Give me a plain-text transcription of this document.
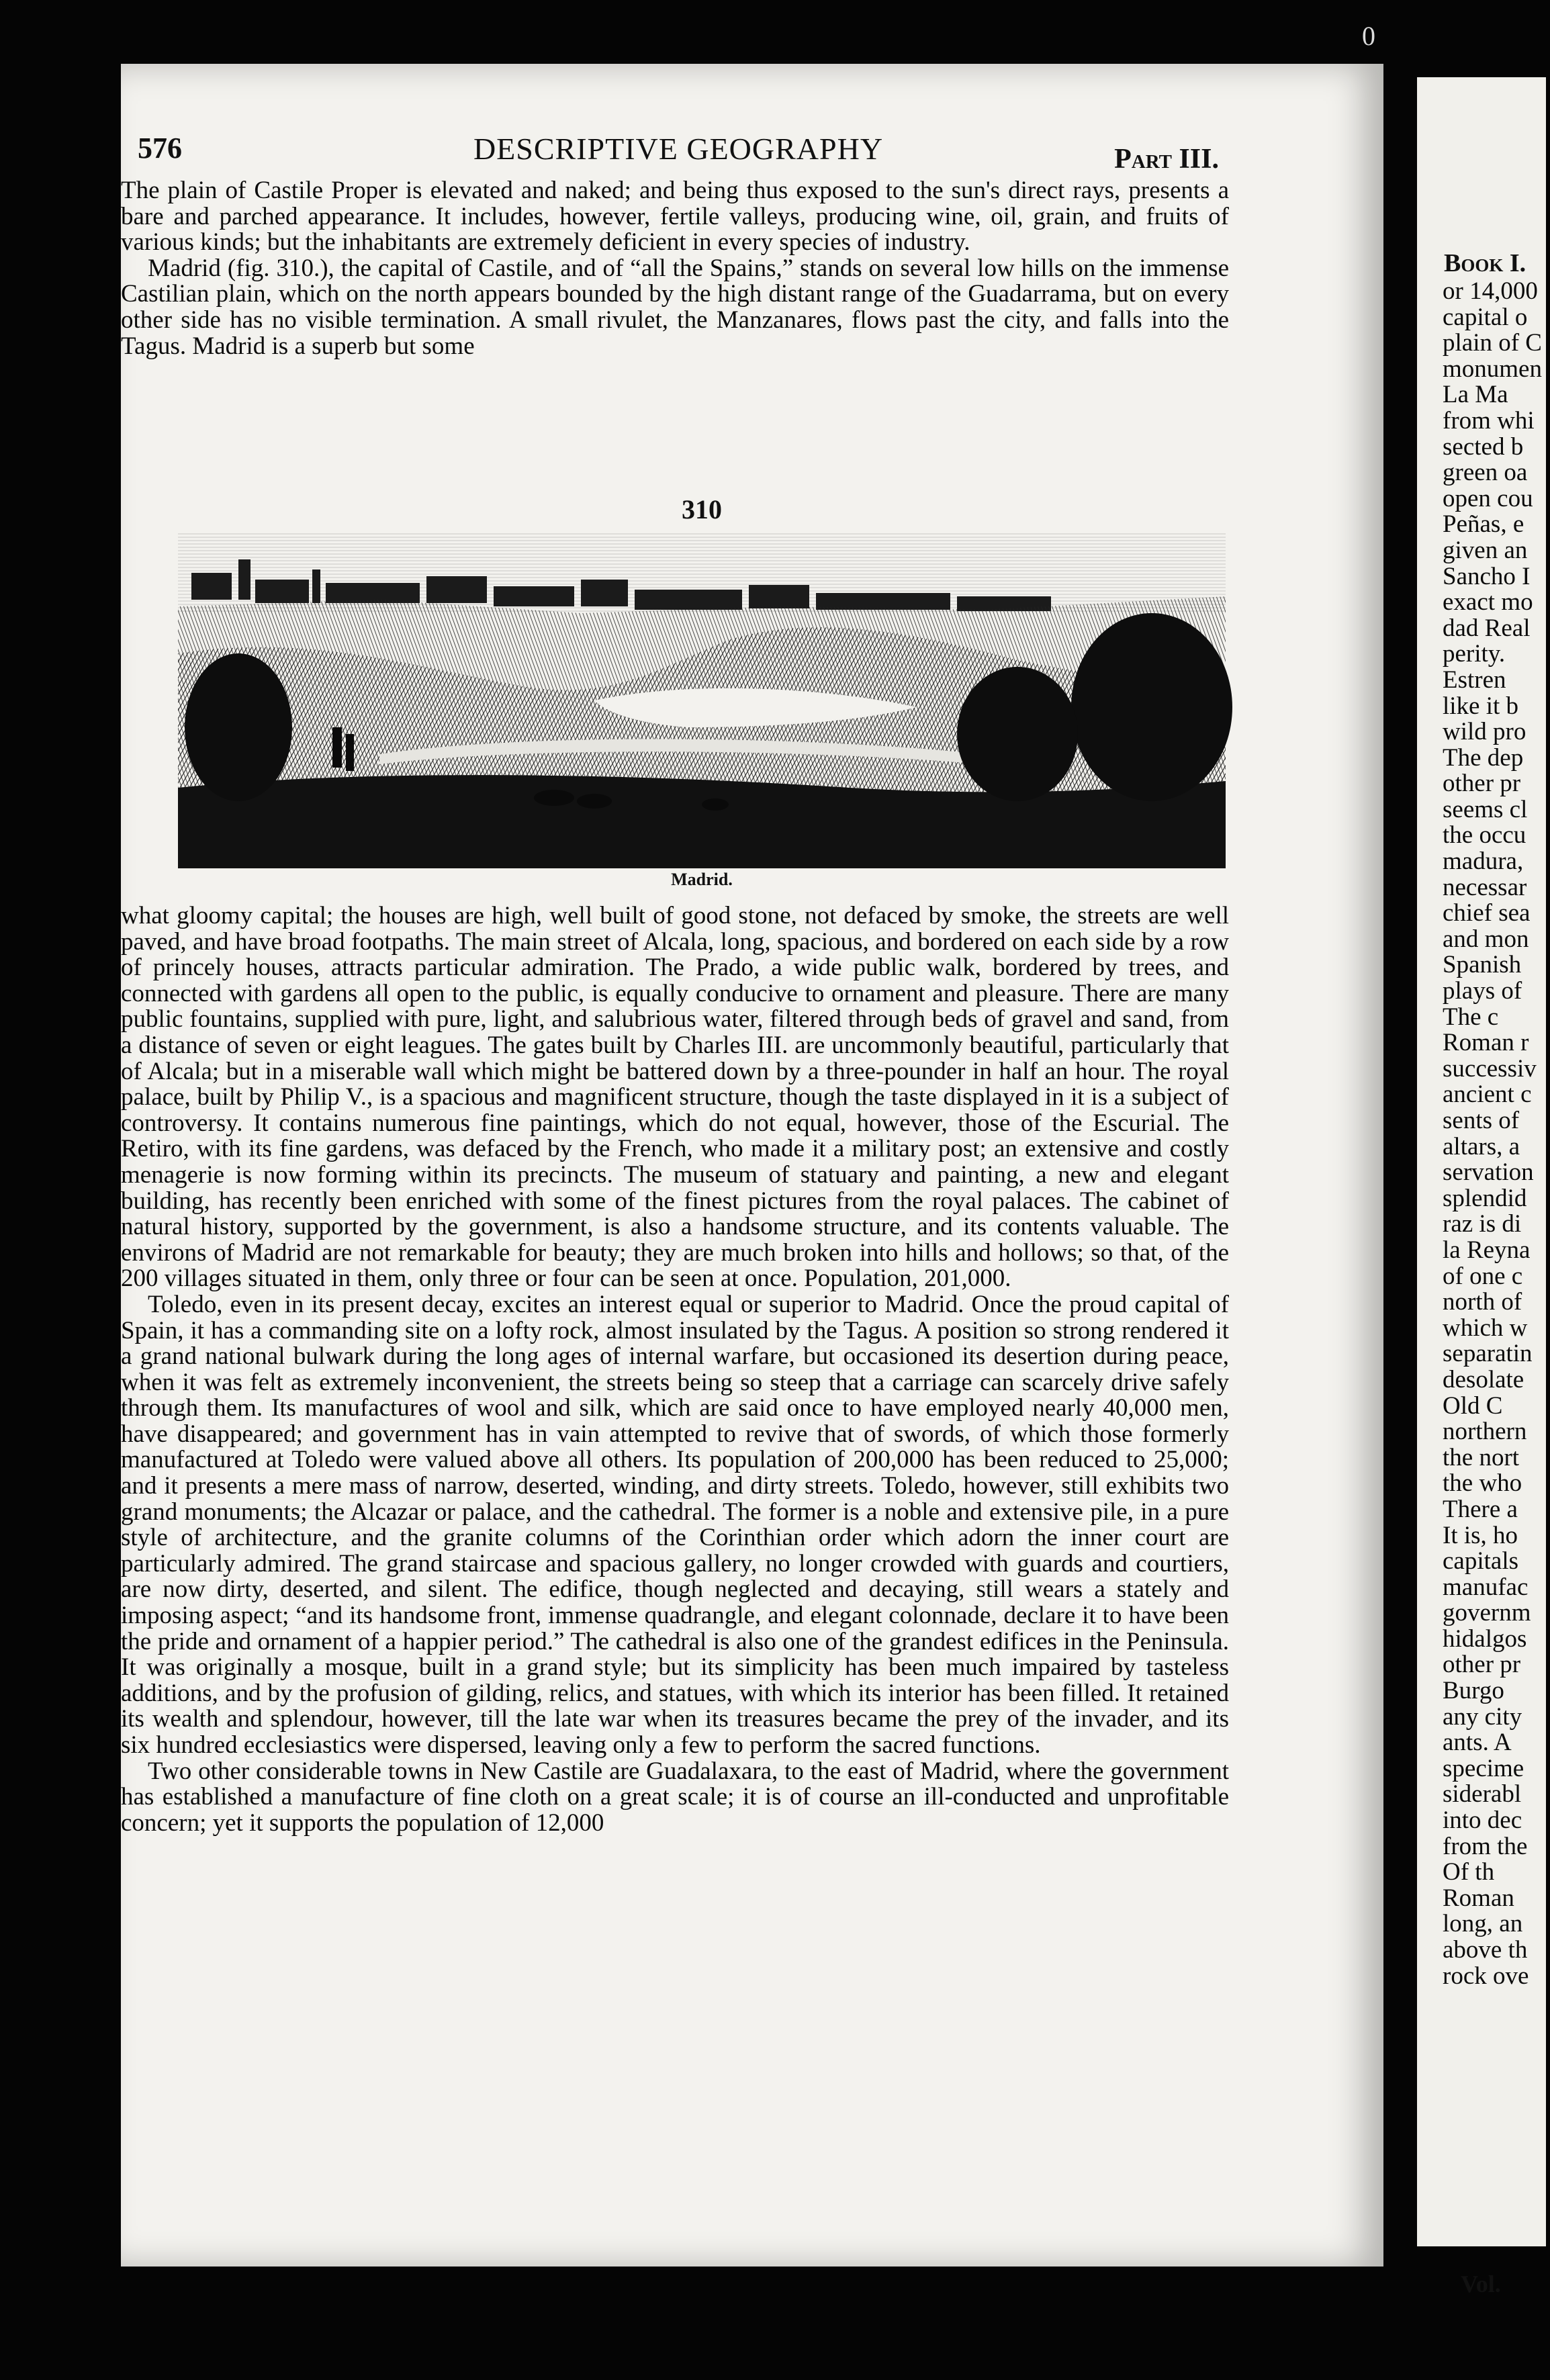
0
Book I.
or 14,000
capital o
plain of C
monumen
La Ma
from whi
sected b
green oa
open cou
Peñas, e
given an
Sancho I
exact mo
dad Real
perity.
Estren
like it b
wild pro
The dep
other pr
seems cl
the occu
madura,
necessar
chief sea
and mon
Spanish
plays of
The c
Roman r
successiv
ancient c
sents of
altars, a
servation
splendid
raz is di
la Reyna
of one c
north of
which w
separatin
desolate
Old C
northern
the nort
the who
There a
It is, ho
capitals
manufac
governm
hidalgos
other pr
Burgo
any city
ants. A
specime
siderabl
into dec
from the
Of th
Roman
long, an
above th
rock ove
Vol.
576	DESCRIPTIVE GEOGRAPHY	Part III.

The plain of Castile Proper is elevated and naked; and being thus exposed to the sun's direct rays, presents a bare and parched appearance. It includes, however, fertile valleys, producing wine, oil, grain, and fruits of various kinds; but the inhabitants are extremely deficient in every species of industry.

Madrid (fig. 310.), the capital of Castile, and of “all the Spains,” stands on several low hills on the immense Castilian plain, which on the north appears bounded by the high distant range of the Guadarrama, but on every other side has no visible termination. A small rivulet, the Manzanares, flows past the city, and falls into the Tagus. Madrid is a superb but some

310
Madrid.

what gloomy capital; the houses are high, well built of good stone, not defaced by smoke, the streets are well paved, and have broad footpaths. The main street of Alcala, long, spacious, and bordered on each side by a row of princely houses, attracts particular admiration. The Prado, a wide public walk, bordered by trees, and connected with gardens all open to the public, is equally conducive to ornament and pleasure. There are many public fountains, supplied with pure, light, and salubrious water, filtered through beds of gravel and sand, from a distance of seven or eight leagues. The gates built by Charles III. are uncommonly beautiful, particularly that of Alcala; but in a miserable wall which might be battered down by a three-pounder in half an hour. The royal palace, built by Philip V., is a spacious and magnificent structure, though the taste displayed in it is a subject of controversy. It contains numerous fine paintings, which do not equal, however, those of the Escurial. The Retiro, with its fine gardens, was defaced by the French, who made it a military post; an extensive and costly menagerie is now forming within its precincts. The museum of statuary and painting, a new and elegant building, has recently been enriched with some of the finest pictures from the royal palaces. The cabinet of natural history, supported by the government, is also a handsome structure, and its contents valuable. The environs of Madrid are not remarkable for beauty; they are much broken into hills and hollows; so that, of the 200 villages situated in them, only three or four can be seen at once. Population, 201,000.

Toledo, even in its present decay, excites an interest equal or superior to Madrid. Once the proud capital of Spain, it has a commanding site on a lofty rock, almost insulated by the Tagus. A position so strong rendered it a grand national bulwark during the long ages of internal warfare, but occasioned its desertion during peace, when it was felt as extremely inconvenient, the streets being so steep that a carriage can scarcely drive safely through them. Its manufactures of wool and silk, which are said once to have employed nearly 40,000 men, have disappeared; and government has in vain attempted to revive that of swords, of which those formerly manufactured at Toledo were valued above all others. Its population of 200,000 has been reduced to 25,000; and it presents a mere mass of narrow, deserted, winding, and dirty streets. Toledo, however, still exhibits two grand monuments; the Alcazar or palace, and the cathedral. The former is a noble and extensive pile, in a pure style of architecture, and the granite columns of the Corinthian order which adorn the inner court are particularly admired. The grand staircase and spacious gallery, no longer crowded with guards and courtiers, are now dirty, deserted, and silent. The edifice, though neglected and decaying, still wears a stately and imposing aspect; “and its handsome front, immense quadrangle, and elegant colonnade, declare it to have been the pride and ornament of a happier period.” The cathedral is also one of the grandest edifices in the Peninsula. It was originally a mosque, built in a grand style; but its simplicity has been much impaired by tasteless additions, and by the profusion of gilding, relics, and statues, with which its interior has been filled. It retained its wealth and splendour, however, till the late war when its treasures became the prey of the invader, and its six hundred ecclesiastics were dispersed, leaving only a few to perform the sacred functions.

Two other considerable towns in New Castile are Guadalaxara, to the east of Madrid, where the government has established a manufacture of fine cloth on a great scale; it is of course an ill-conducted and unprofitable concern; yet it supports the population of 12,000
